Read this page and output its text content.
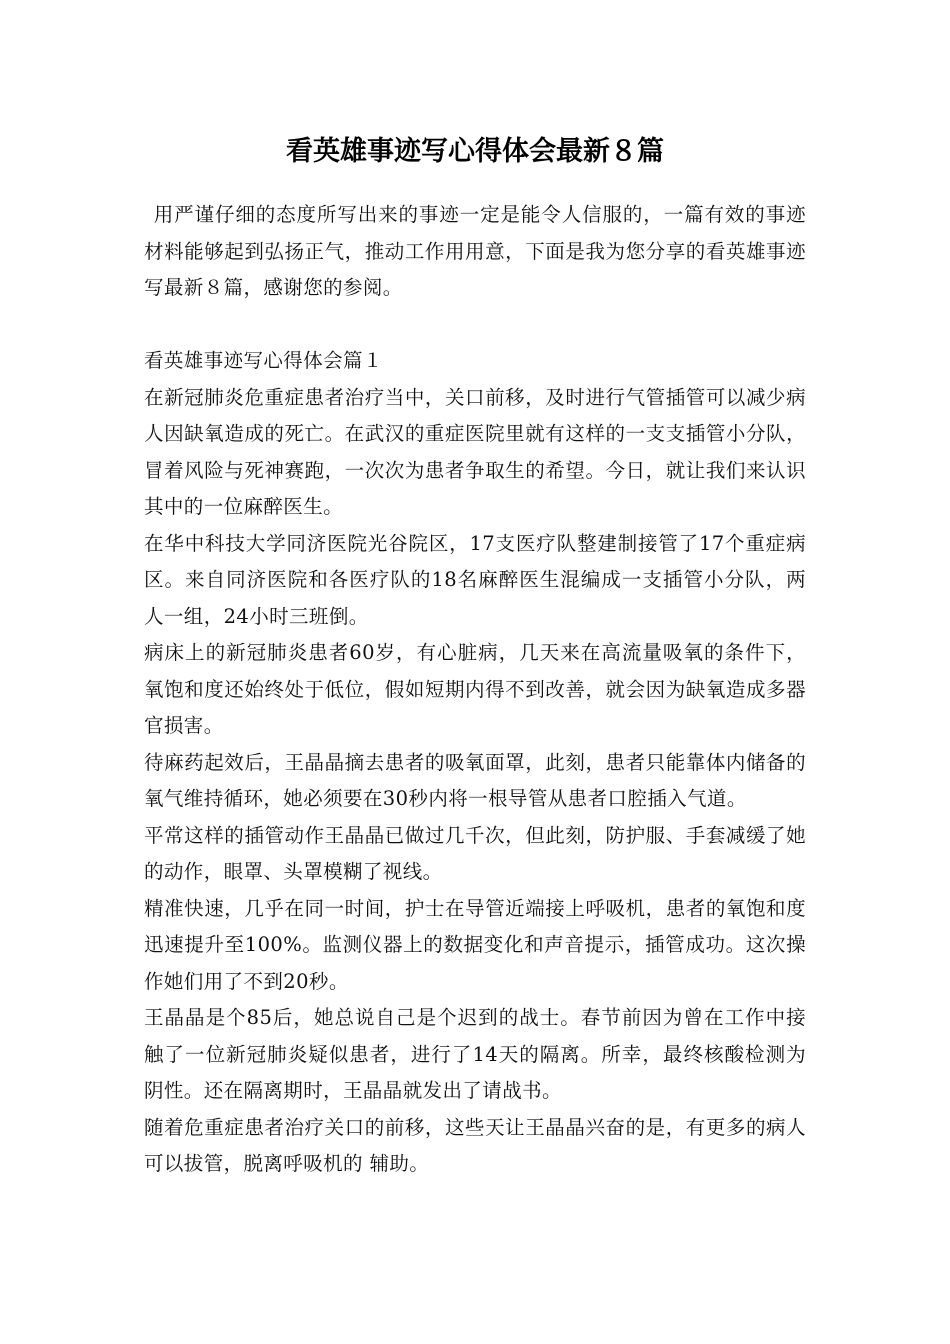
看英雄事迹写心得体会最新８篇

用严谨仔细的态度所写出来的事迹一定是能令人信服的，一篇有效的事迹材料能够起到弘扬正气，推动工作用用意，下面是我为您分享的看英雄事迹写最新８篇，感谢您的参阅。

看英雄事迹写心得体会篇１

在新冠肺炎危重症患者治疗当中，关口前移，及时进行气管插管可以减少病人因缺氧造成的死亡。在武汉的重症医院里就有这样的一支支插管小分队，冒着风险与死神赛跑，一次次为患者争取生的希望。今日，就让我们来认识其中的一位麻醉医生。

在华中科技大学同济医院光谷院区，17支医疗队整建制接管了17个重症病区。来自同济医院和各医疗队的18名麻醉医生混编成一支插管小分队，两人一组，24小时三班倒。

病床上的新冠肺炎患者60岁，有心脏病，几天来在高流量吸氧的条件下，氧饱和度还始终处于低位，假如短期内得不到改善，就会因为缺氧造成多器官损害。

待麻药起效后，王晶晶摘去患者的吸氧面罩，此刻，患者只能靠体内储备的氧气维持循环，她必须要在30秒内将一根导管从患者口腔插入气道。

平常这样的插管动作王晶晶已做过几千次，但此刻，防护服、手套减缓了她的动作，眼罩、头罩模糊了视线。

精准快速，几乎在同一时间，护士在导管近端接上呼吸机，患者的氧饱和度迅速提升至100%。监测仪器上的数据变化和声音提示，插管成功。这次操作她们用了不到20秒。

王晶晶是个85后，她总说自己是个迟到的战士。春节前因为曾在工作中接触了一位新冠肺炎疑似患者，进行了14天的隔离。所幸，最终核酸检测为阴性。还在隔离期时，王晶晶就发出了请战书。

随着危重症患者治疗关口的前移，这些天让王晶晶兴奋的是，有更多的病人可以拔管，脱离呼吸机的 辅助。
